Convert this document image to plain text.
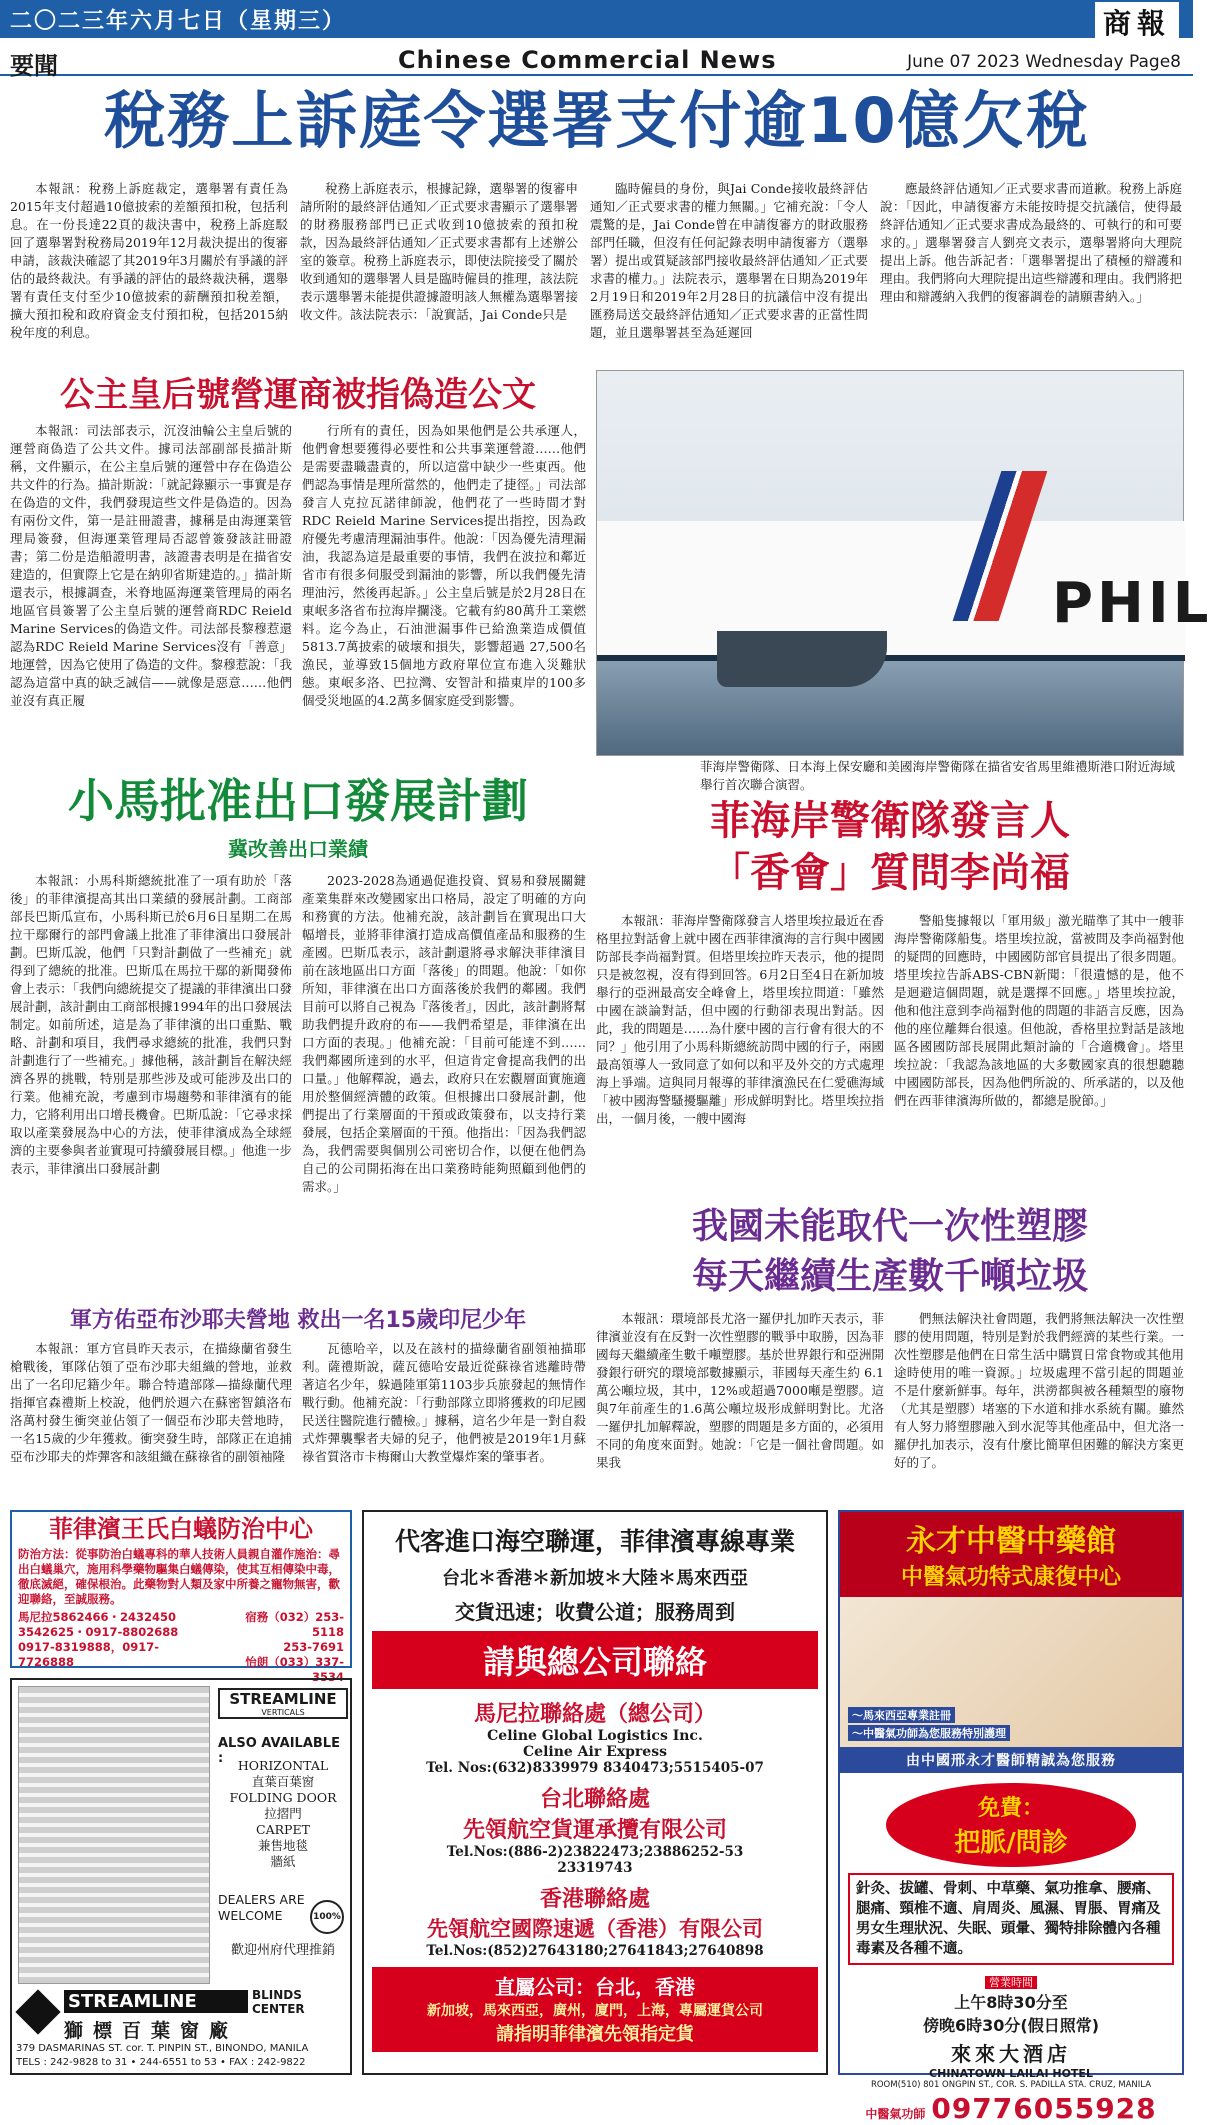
二〇二三年六月七日（星期三）	商報
要聞	Chinese Commercial News	June 07 2023 Wednesday Page8
稅務上訴庭令選署支付逾10億欠稅

本報訊：稅務上訴庭裁定，選舉署有責任為2015年支付超過10億披索的差額預扣稅，包括利息。在一份長達22頁的裁決書中，稅務上訴庭駁回了選舉署對稅務局2019年12月裁決提出的復審申請，該裁決確認了其2019年3月關於有爭議的評估的最終裁決。有爭議的評估的最終裁決稱，選舉署有責任支付至少10億披索的薪酬預扣稅差額，擴大預扣稅和政府資金支付預扣稅，包括2015納稅年度的利息。

稅務上訴庭表示，根據記錄，選舉署的復審申請所附的最終評估通知／正式要求書顯示了選舉署的財務服務部門已正式收到10億披索的預扣稅款，因為最終評估通知／正式要求書都有上述辦公室的簽章。稅務上訴庭表示，即使法院接受了關於收到通知的選舉署人員是臨時僱員的推理，該法院表示選舉署未能提供證據證明該人無權為選舉署接收文件。該法院表示：「說實話，Jai Conde只是

臨時僱員的身份，與Jai Conde接收最終評估通知／正式要求書的權力無關。」它補充說：「令人震驚的是，Jai Conde曾在申請復審方的財政服務部門任職，但沒有任何記錄表明申請復審方（選舉署）提出或質疑該部門接收最終評估通知／正式要求書的權力。」法院表示，選舉署在日期為2019年2月19日和2019年2月28日的抗議信中沒有提出匯務局送交最終評估通知／正式要求書的正當性問題，並且選舉署甚至為延遲回

應最終評估通知／正式要求書而道歉。稅務上訴庭說：「因此，申請復審方未能按時提交抗議信，使得最終評估通知／正式要求書成為最終的、可執行的和可要求的。」選舉署發言人劉亮文表示，選舉署將向大理院提出上訴。他告訴記者：「選舉署提出了積極的辯護和理由。我們將向大理院提出這些辯護和理由。我們將把理由和辯護納入我們的復審調卷的請願書納入。」

公主皇后號營運商被指偽造公文

本報訊：司法部表示，沉沒油輪公主皇后號的運營商偽造了公共文件。據司法部副部長描計斯稱，文件顯示，在公主皇后號的運營中存在偽造公共文件的行為。描計斯說：「就記錄顯示一事實是存在偽造的文件，我們發現這些文件是偽造的。因為有兩份文件，第一是註冊證書，據稱是由海運業管理局簽發，但海運業管理局否認曾簽發該註冊證書；第二份是造船證明書，該證書表明是在描省安建造的，但實際上它是在納卯省斯建造的。」描計斯還表示，根據調查，米脊地區海運業管理局的兩名地區官員簽署了公主皇后號的運營商RDC Reield Marine Services的偽造文件。司法部長黎穆惹還認為RDC Reield Marine Services沒有「善意」地運營，因為它使用了偽造的文件。黎穆惹說：「我認為這當中真的缺乏誠信——就像是惡意……他們並沒有真正履

行所有的責任，因為如果他們是公共承運人，他們會想要獲得必要性和公共事業運營證……他們是需要盡職盡責的，所以這當中缺少一些東西。他們認為事情是理所當然的，他們走了捷徑。」司法部發言人克拉瓦諾律師說，他們花了一些時間才對RDC Reield Marine Services提出指控，因為政府優先考慮清理漏油事件。他說：「因為優先清理漏油，我認為這是最重要的事情，我們在波拉和鄰近省市有很多伺服受到漏油的影響，所以我們優先清理油污，然後再起訴。」公主皇后號是於2月28日在東岷多洛省布拉海岸攔淺。它載有約80萬升工業燃料。迄今為止，石油泄漏事件已給漁業造成價值5813.7萬披索的破壞和損失，影響超過 27,500名漁民，並導致15個地方政府單位宣布進入災難狀態。東岷多洛、巴拉灣、安智計和描東岸的100多個受災地區的4.2萬多個家庭受到影響。

PHIL
菲海岸警衛隊、日本海上保安廳和美國海岸警衛隊在描省安省馬里維禮斯港口附近海域舉行首次聯合演習。
小馬批准出口發展計劃
冀改善出口業績

本報訊：小馬科斯總統批准了一項有助於「落後」的菲律濱提高其出口業績的發展計劃。工商部部長巴斯瓜宣布，小馬科斯已於6月6日星期二在馬拉干鄢爾行的部門會議上批准了菲律濱出口發展計劃。巴斯瓜說，他們「只對計劃做了一些補充」就得到了總統的批准。巴斯瓜在馬拉干鄢的新聞發佈會上表示：「我們向總統提交了提議的菲律濱出口發展計劃，該計劃由工商部根據1994年的出口發展法制定。如前所述，這是為了菲律濱的出口重點、戰略、計劃和項目，我們尋求總統的批准，我們只對計劃進行了一些補充。」據他稱，該計劃旨在解決經濟各界的挑戰，特別是那些涉及或可能涉及出口的行業。他補充說，考慮到市場趨勢和菲律濱有的能力，它將利用出口增長機會。巴斯瓜說：「它尋求採取以產業發展為中心的方法，使菲律濱成為全球經濟的主要參與者並實現可持續發展目標。」他進一步表示，菲律濱出口發展計劃

2023-2028為通過促進投資、貿易和發展關鍵產業集群來改變國家出口格局，設定了明確的方向和務實的方法。他補充說，該計劃旨在實現出口大幅增長，並將菲律濱打造成高價值產品和服務的生產國。巴斯瓜表示，該計劃還將尋求解決菲律濱目前在該地區出口方面「落後」的問題。他說：「如你所知，菲律濱在出口方面落後於我們的鄰國。我們目前可以將自己視為『落後者』，因此，該計劃將幫助我們提升政府的布——我們希望是，菲律濱在出口方面的表現。」他補充說：「目前可能達不到……我們鄰國所達到的水平，但這肯定會提高我們的出口量。」他解釋說，過去，政府只在宏觀層面實施適用於整個經濟體的政策。但根據出口發展計劃，他們提出了行業層面的干預或政策發布，以支持行業發展，包括企業層面的干預。他指出：「因為我們認為，我們需要與個別公司密切合作，以便在他們為自己的公司開拓海在出口業務時能夠照顧到他們的需求。」

軍方佑亞布沙耶夫營地 救出一名15歲印尼少年

本報訊：軍方官員昨天表示，在描綠蘭省發生槍戰後，軍隊佔領了亞布沙耶夫組織的營地，並救出了一名印尼籍少年。聯合特遣部隊—描綠蘭代理指揮官森禮斯上校說，他們於週六在蘇密智鎮洛布洛萬村發生衝突並佔領了一個亞布沙耶夫營地時，一名15歲的少年獲救。衝突發生時，部隊正在追捕亞布沙耶夫的炸彈客和該組織在蘇祿省的副領袖隆

瓦德哈辛，以及在該村的描綠蘭省副領袖描耶利。薩禮斯說，薩瓦德哈安最近從蘇祿省逃離時帶著這名少年，躲過陸軍第1103步兵旅發起的無情作戰行動。他補充說：「行動部隊立即將獲救的印尼國民送往醫院進行體檢。」據稱，這名少年是一對自殺式炸彈襲擊者夫婦的兒子，他們被是2019年1月蘇祿省質洛市卡梅爾山大教堂爆炸案的肇事者。

菲海岸警衛隊發言人
「香會」質問李尚福

本報訊：菲海岸警衛隊發言人塔里埃拉最近在香格里拉對話會上就中國在西菲律濱海的言行與中國國防部長李尚福對質。但塔里埃拉昨天表示，他的提問只是被忽視，沒有得到回答。6月2日至4日在新加坡舉行的亞洲最高安全峰會上，塔里埃拉問道：「雖然中國在談論對話，但中國的行動卻表現出對話。因此，我的問題是……為什麼中國的言行會有很大的不同？」他引用了小馬科斯總統訪問中國的行子，兩國最高領導人一致同意了如何以和平及外交的方式處理海上爭端。這與同月報導的菲律濱漁民在仁愛礁海域「被中國海警騷擾驅離」形成鮮明對比。塔里埃拉指出，一個月後，一艘中國海

警船隻據報以「軍用級」激光瞄準了其中一艘菲海岸警衛隊船隻。塔里埃拉說，當被問及李尚福對他的疑問的回應時，中國國防部官員提出了很多問題。塔里埃拉告訴ABS-CBN新聞：「很遺憾的是，他不是迴避這個問題，就是選擇不回應。」塔里埃拉說，他和他注意到李尚福對他的問題的非語言反應，因為他的座位離舞台很遠。但他說，香格里拉對話是該地區各國國防部長展開此類討論的「合適機會」。塔里埃拉說：「我認為該地區的大多數國家真的很想聽聽中國國防部長，因為他們所說的、所承諾的，以及他們在西菲律濱海所做的，都總是脫節。」

我國未能取代一次性塑膠
每天繼續生產數千噸垃圾

本報訊：環境部長尤洛一羅伊扎加昨天表示，菲律濱並沒有在反對一次性塑膠的戰爭中取勝，因為菲國每天繼續產生數千噸塑膠。基於世界銀行和亞洲開發銀行研究的環境部數據顯示，菲國每天產生約 6.1萬公噸垃圾，其中，12%或超過7000噸是塑膠。這與7年前產生的1.6萬公噸垃圾形成鮮明對比。尤洛一羅伊扎加解釋說，塑膠的問題是多方面的，必須用不同的角度來面對。她說：「它是一個社會問題。如果我

們無法解決社會問題，我們將無法解決一次性塑膠的使用問題，特別是對於我們經濟的某些行業。一次性塑膠是他們在日常生活中購買日常食物或其他用途時使用的唯一資源。」垃圾處理不當引起的問題並不是什麼新鮮事。每年，洪澇都與被各種類型的廢物（尤其是塑膠）堵塞的下水道和排水系統有關。雖然有人努力將塑膠融入到水泥等其他產品中，但尤洛一羅伊扎加表示，沒有什麼比簡單但困難的解決方案更好的了。

菲律濱王氏白蟻防治中心
防治方法：從事防治白蟻專科的華人技術人員親自灌作施治：尋出白蟻巢穴，施用科學藥物驅集白蟻傳染，使其互相傳染中毒，徹底滅絕，確保根治。此藥物對人類及家中所養之寵物無害，歡迎聯絡，至誠服務。
馬尼拉5862466・2432450
3542625・0917-8802688
0917-8319888，0917-7726888
宿務（032）253-5118
253-7691
怡朗（033）337-3534
STREAMLINE
VERTICALS
ALSO AVAILABLE :	HORIZONTAL
直葉百葉窗
FOLDING DOOR
拉摺門
CARPET
兼售地毯
牆紙
DEALERS ARE WELCOME	100%
歡迎州府代理推銷
STREAMLINE	BLINDS CENTER
獅標百葉窗廠
379 DASMARINAS ST. cor. T. PINPIN ST., BINONDO, MANILA
TELS : 242-9828 to 31 • 244-6551 to 53 • FAX : 242-9822
代客進口海空聯運，菲律濱專線專業
台北＊香港＊新加坡＊大陸＊馬來西亞
交貨迅速；收費公道；服務周到
請與總公司聯絡
馬尼拉聯絡處（總公司）
Celine Global Logistics Inc.
Celine Air Express
Tel. Nos:(632)8339979 8340473;5515405-07
台北聯絡處
先領航空貨運承攬有限公司
Tel.Nos:(886-2)23822473;23886252-53
23319743
香港聯絡處
先領航空國際速遞（香港）有限公司
Tel.Nos:(852)27643180;27641843;27640898
直屬公司：台北，香港
新加坡，馬來西亞，廣州，廈門，上海，專屬運貨公司
請指明菲律濱先領指定貨
永才中醫中藥館
中醫氣功特式康復中心
～馬來西亞專業註冊
～中醫氣功師為您服務特別護理
由中國邢永才醫師精誠為您服務
免費：
把脈/問診
針灸、拔罐、骨刺、中草藥、氣功推拿、腰痛、腿痛、頸椎不適、肩周炎、風濕、胃脹、胃痛及男女生理狀況、失眠、頭暈、獨特排除體內各種毒素及各種不適。
營業時間
上午8時30分至
傍晚6時30分(假日照常)
來來大酒店
CHINATOWN LAILAI HOTEL
ROOM(510) 801 ONGPIN ST., COR. S. PADILLA STA. CRUZ, MANILA
中醫氣功師 09776055928
